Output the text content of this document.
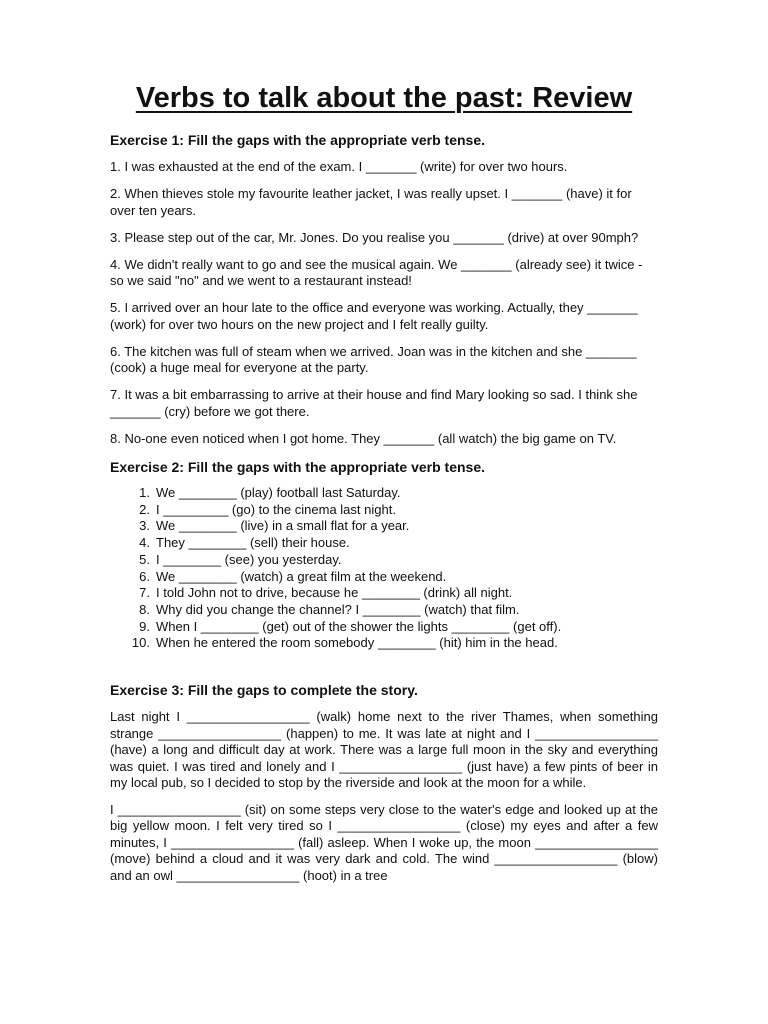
Verbs to talk about the past: Review
Exercise 1: Fill the gaps with the appropriate verb tense.
1. I was exhausted at the end of the exam. I _______ (write) for over two hours.
2. When thieves stole my favourite leather jacket, I was really upset. I _______ (have) it for over ten years.
3. Please step out of the car, Mr. Jones. Do you realise you _______ (drive) at over 90mph?
4. We didn't really want to go and see the musical again. We _______ (already see) it twice - so we said "no" and we went to a restaurant instead!
5. I arrived over an hour late to the office and everyone was working. Actually, they _______ (work) for over two hours on the new project and I felt really guilty.
6. The kitchen was full of steam when we arrived. Joan was in the kitchen and she _______ (cook) a huge meal for everyone at the party.
7. It was a bit embarrassing to arrive at their house and find Mary looking so sad. I think she _______ (cry) before we got there.
8. No-one even noticed when I got home. They _______ (all watch) the big game on TV.
Exercise 2: Fill the gaps with the appropriate verb tense.
1. We ________ (play) football last Saturday.
2. I _________ (go) to the cinema last night.
3. We ________ (live) in a small flat for a year.
4. They ________ (sell) their house.
5. I ________ (see) you yesterday.
6. We ________ (watch) a great film at the weekend.
7. I told John not to drive, because he ________ (drink) all night.
8. Why did you change the channel? I ________ (watch) that film.
9. When I ________ (get) out of the shower the lights ________ (get off).
10. When he entered the room somebody ________ (hit) him in the head.
Exercise 3: Fill the gaps to complete the story.
Last night I _________________ (walk) home next to the river Thames, when something strange _________________ (happen) to me. It was late at night and I _________________ (have) a long and difficult day at work. There was a large full moon in the sky and everything was quiet. I was tired and lonely and I _________________ (just have) a few pints of beer in my local pub, so I decided to stop by the riverside and look at the moon for a while.
I _________________ (sit) on some steps very close to the water's edge and looked up at the big yellow moon. I felt very tired so I _________________ (close) my eyes and after a few minutes, I _________________ (fall) asleep. When I woke up, the moon _________________ (move) behind a cloud and it was very dark and cold. The wind _________________ (blow) and an owl _________________ (hoot) in a tree
